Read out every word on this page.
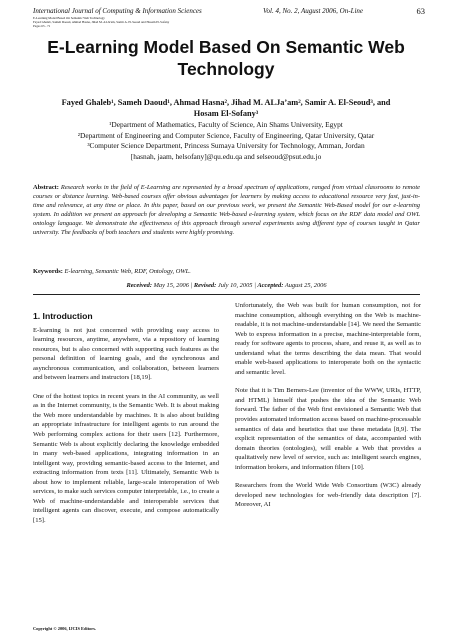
International Journal of Computing & Information Sciences	Vol. 4, No. 2, August 2006, On-Line	63
E-Learning Model Based On Semantic Web Technology
Fayed Ghaleb, Sameh Daoud, Ahmad Hasna, Jihad M. ALJa'am, Samir A. El-Seoud and Hosam El-Sofany
Pages 63 - 71
E-Learning Model Based On Semantic Web
Technology
Fayed Ghaleb¹, Sameh Daoud¹, Ahmad Hasna², Jihad M. ALJa’am², Samir A. El-Seoud³, and
Hosam El-Sofany³
¹Department of Mathematics, Faculty of Science, Ain Shams University, Egypt
²Department of Engineering and Computer Science, Faculty of Engineering, Qatar University, Qatar
³Computer Science Department, Princess Sumaya University for Technology, Amman, Jordan
[hasnah, jaam, helsofany]@qu.edu.qa and selseoud@psut.edu.jo
Abstract: Research works in the field of E-Learning are represented by a broad spectrum of applications, ranged from virtual classrooms to remote courses or distance learning. Web-based courses offer obvious advantages for learners by making access to educational resource very fast, just-in-time and relevance, at any time or place. In this paper, based on our previous work, we present the Semantic Web-Based model for our e-learning system. In addition we present an approach for developing a Semantic Web-based e-learning system, which focus on the RDF data model and OWL ontology language. We demonstrate the effectiveness of this approach through several experiments using different type of courses taught in Qatar university. The feedbacks of both teachers and students were highly promising.
Keywords: E-learning, Semantic Web, RDF, Ontology, OWL.
Received: May 15, 2006 | Revised: July 10, 2005 | Accepted: August 25, 2006
1. Introduction

E-learning is not just concerned with providing easy access to learning resources, anytime, anywhere, via a repository of learning resources, but is also concerned with supporting such features as the personal definition of learning goals, and the synchronous and asynchronous communication, and collaboration, between learners and between learners and instructors [18,19].

One of the hottest topics in recent years in the AI community, as well as in the Internet community, is the Semantic Web. It is about making the Web more understandable by machines. It is also about building an appropriate infrastructure for intelligent agents to run around the Web performing complex actions for their users [12]. Furthermore, Semantic Web is about explicitly declaring the knowledge embedded in many web-based applications, integrating information in an intelligent way, providing semantic-based access to the Internet, and extracting information from texts [11]. Ultimately, Semantic Web is about how to implement reliable, large-scale interoperation of Web services, to make such services computer interpretable, i.e., to create a Web of machine-understandable and interoperable services that intelligent agents can discover, execute, and compose automatically [15].

Unfortunately, the Web was built for human consumption, not for machine consumption, although everything on the Web is machine-readable, it is not machine-understandable [14]. We need the Semantic Web to express information in a precise, machine-interpretable form, ready for software agents to process, share, and reuse it, as well as to understand what the terms describing the data mean. That would enable web-based applications to interoperate both on the syntactic and semantic level.

Note that it is Tim Berners-Lee (inventor of the WWW, URIs, HTTP, and HTML) himself that pushes the idea of the Semantic Web forward. The father of the Web first envisioned a Semantic Web that provides automated information access based on machine-processable semantics of data and heuristics that use these metadata [8,9]. The explicit representation of the semantics of data, accompanied with domain theories (ontologies), will enable a Web that provides a qualitatively new level of service, such as: intelligent search engines, information brokers, and information filters [10].

Researchers from the World Wide Web Consortium (W3C) already developed new technologies for web-friendly data description [7]. Moreover, AI

Copyright © 2006, IJCIS Editors.
